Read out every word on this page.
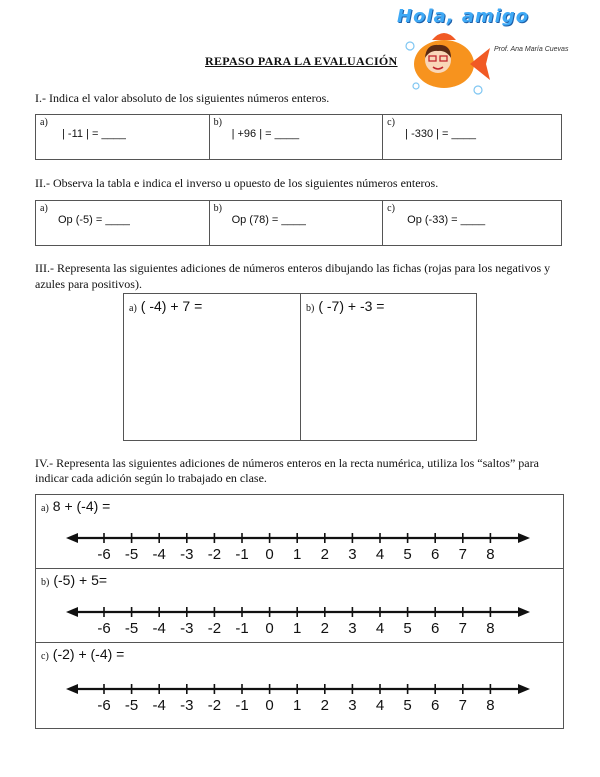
Hola, amigo
Prof. Ana María Cuevas
REPASO PARA LA EVALUACIÓN
I.- Indica el valor absoluto de los siguientes números enteros.
a)
| -11 | = ____

b)
| +96 | = ____

c)
| -330 | = ____
II.- Observa la tabla e indica el inverso u opuesto de los siguientes números enteros.
a)
Op (-5) = ____

b)
Op (78) = ____

c)
Op (-33) = ____
III.- Representa las siguientes adiciones de números enteros dibujando las fichas (rojas para los negativos y
azules para positivos).
a) ( -4) + 7 =	b) ( -7) + -3 =
IV.- Representa las siguientes adiciones de números enteros en la recta numérica, utiliza los “saltos” para
indicar cada adición según lo trabajado en clase.
a) 8 + (-4) =
-6 -5 -4 -3 -2 -1 0 1 2 3 4 5 6 7 8
b) (-5) + 5=
-6 -5 -4 -3 -2 -1 0 1 2 3 4 5 6 7 8
c) (-2) + (-4) =
-6 -5 -4 -3 -2 -1 0 1 2 3 4 5 6 7 8
